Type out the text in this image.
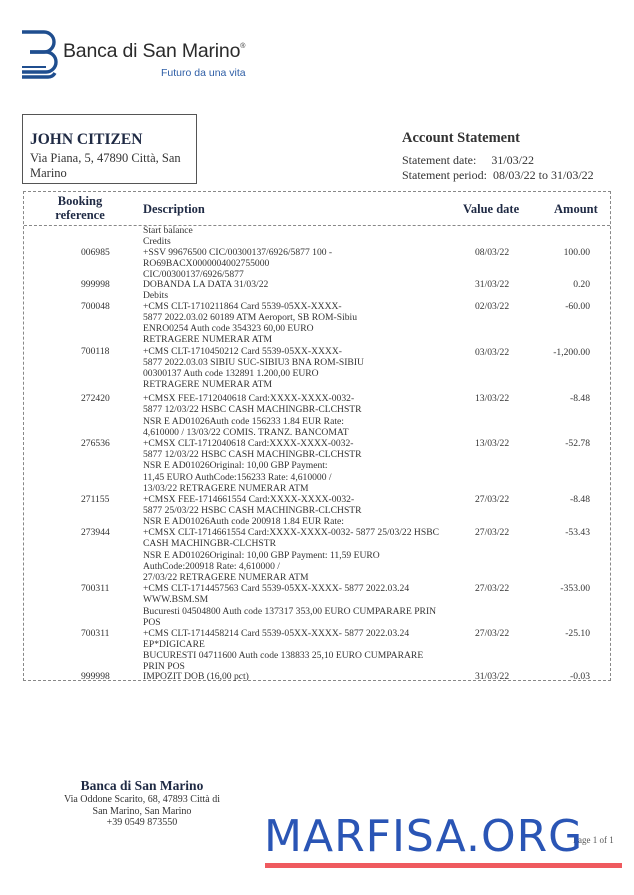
Banca di San Marino®
Futuro da una vita
JOHN CITIZEN
Via Piana, 5, 47890 Città, San Marino
Account Statement
Statement date: 31/03/22
Statement period: 08/03/22 to 31/03/22
Booking
reference	Description	Value date	Amount
Start balance
Credits
006985	+SSV 99676500 CIC/00300137/6926/5877 100 -	08/03/22	100.00
RO69BACX0000004002755000
CIC/00300137/6926/5877
999998	DOBANDA LA DATA 31/03/22	31/03/22	0.20
Debits
700048	+CMS CLT-1710211864 Card 5539-05XX-XXXX-	02/03/22	-60.00
5877 2022.03.02 60189 ATM Aeroport, SB ROM-Sibiu
ENRO0254 Auth code 354323 60,00 EURO
RETRAGERE NUMERAR ATM
700118	+CMS CLT-1710450212 Card 5539-05XX-XXXX-	03/03/22	-1,200.00
5877 2022.03.03 SIBIU SUC-SIBIU3 BNA ROM-SIBIU
00300137 Auth code 132891 1.200,00 EURO
RETRAGERE NUMERAR ATM
272420	+CMSX FEE-1712040618 Card:XXXX-XXXX-0032-	13/03/22	-8.48
5877 12/03/22 HSBC CASH MACHINGBR-CLCHSTR
NSR E AD01026Auth code 156233 1.84 EUR Rate:
4,610000 / 13/03/22 COMIS. TRANZ. BANCOMAT
276536	+CMSX CLT-1712040618 Card:XXXX-XXXX-0032-	13/03/22	-52.78
5877 12/03/22 HSBC CASH MACHINGBR-CLCHSTR
NSR E AD01026Original: 10,00 GBP Payment:
11,45 EURO AuthCode:156233 Rate: 4,610000 /
13/03/22 RETRAGERE NUMERAR ATM
271155	+CMSX FEE-1714661554 Card:XXXX-XXXX-0032-	27/03/22	-8.48
5877 25/03/22 HSBC CASH MACHINGBR-CLCHSTR
NSR E AD01026Auth code 200918 1.84 EUR Rate:
273944	+CMSX CLT-1714661554 Card:XXXX-XXXX-0032- 5877 25/03/22 HSBC	27/03/22	-53.43
CASH MACHINGBR-CLCHSTR
NSR E AD01026Original: 10,00 GBP Payment: 11,59 EURO
AuthCode:200918 Rate: 4,610000 /
27/03/22 RETRAGERE NUMERAR ATM
700311	+CMS CLT-1714457563 Card 5539-05XX-XXXX- 5877 2022.03.24	27/03/22	-353.00
WWW.BSM.SM
Bucuresti 04504800 Auth code 137317 353,00 EURO CUMPARARE PRIN
POS
700311	+CMS CLT-1714458214 Card 5539-05XX-XXXX- 5877 2022.03.24	27/03/22	-25.10
EP*DIGICARE
BUCURESTI 04711600 Auth code 138833 25,10 EURO CUMPARARE
PRIN POS
999998	IMPOZIT DOB (16,00 pct)	31/03/22	-0.03
Banca di San Marino
Via Oddone Scarito, 68, 47893 Città di
San Marino, San Marino
+39 0549 873550
Page 1 of 1
MARFISA.ORG
